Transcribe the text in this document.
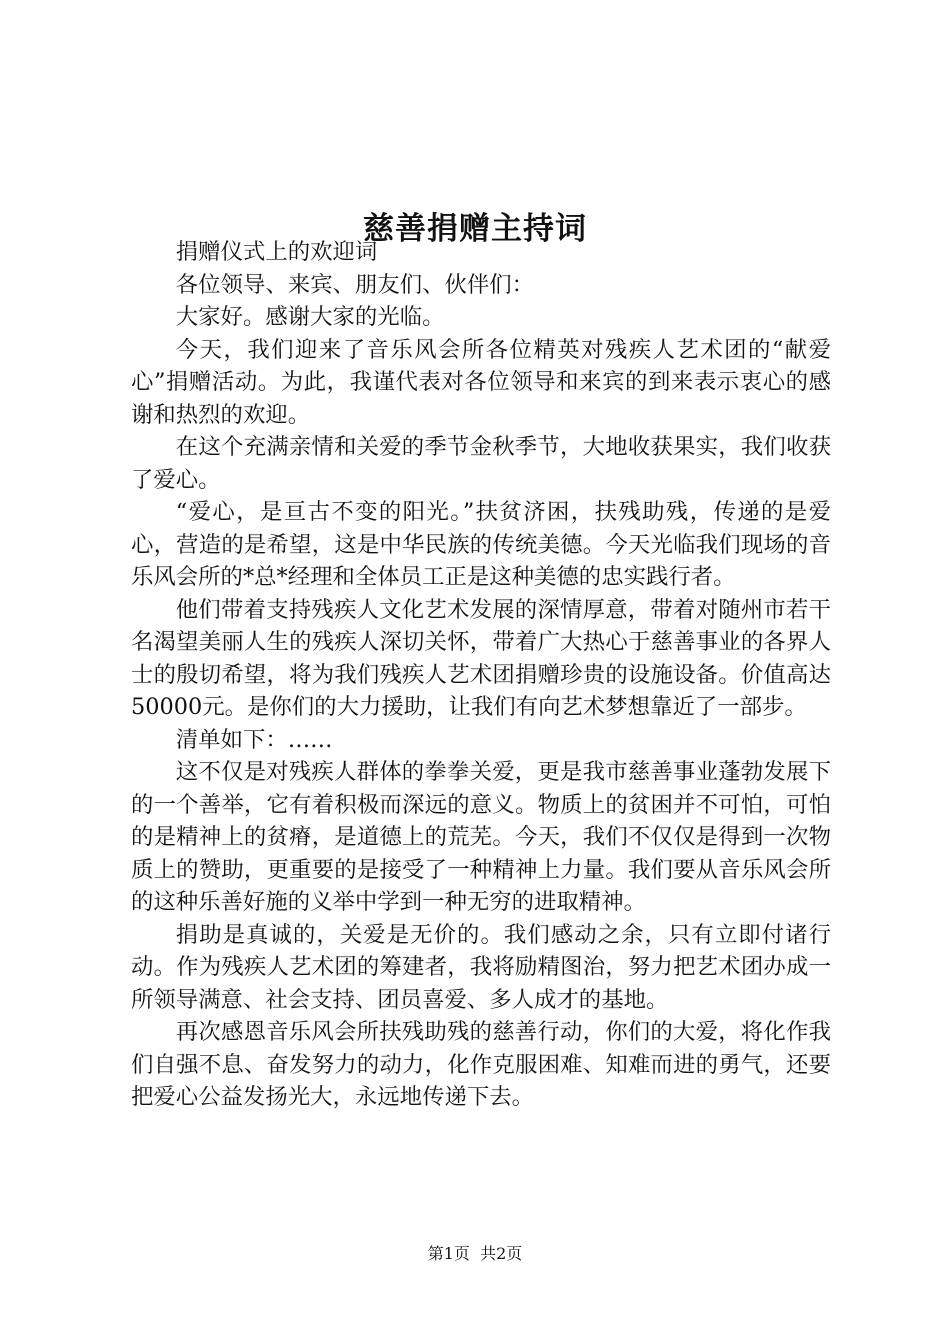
慈善捐赠主持词

捐赠仪式上的欢迎词

各位领导、来宾、朋友们、伙伴们：

大家好。感谢大家的光临。

今天，我们迎来了音乐风会所各位精英对残疾人艺术团的“献爱心”捐赠活动。为此，我谨代表对各位领导和来宾的到来表示衷心的感谢和热烈的欢迎。

在这个充满亲情和关爱的季节金秋季节，大地收获果实，我们收获了爱心。

“爱心，是亘古不变的阳光。”扶贫济困，扶残助残，传递的是爱心，营造的是希望，这是中华民族的传统美德。今天光临我们现场的音乐风会所的*总*经理和全体员工正是这种美德的忠实践行者。

他们带着支持残疾人文化艺术发展的深情厚意，带着对随州市若干名渴望美丽人生的残疾人深切关怀，带着广大热心于慈善事业的各界人士的殷切希望，将为我们残疾人艺术团捐赠珍贵的设施设备。价值高达50000元。是你们的大力援助，让我们有向艺术梦想靠近了一部步。

清单如下：……

这不仅是对残疾人群体的拳拳关爱，更是我市慈善事业蓬勃发展下的一个善举，它有着积极而深远的意义。物质上的贫困并不可怕，可怕的是精神上的贫瘠，是道德上的荒芜。今天，我们不仅仅是得到一次物质上的赞助，更重要的是接受了一种精神上力量。我们要从音乐风会所的这种乐善好施的义举中学到一种无穷的进取精神。

捐助是真诚的，关爱是无价的。我们感动之余，只有立即付诸行动。作为残疾人艺术团的筹建者，我将励精图治，努力把艺术团办成一所领导满意、社会支持、团员喜爱、多人成才的基地。

再次感恩音乐风会所扶残助残的慈善行动，你们的大爱，将化作我们自强不息、奋发努力的动力，化作克服困难、知难而进的勇气，还要把爱心公益发扬光大，永远地传递下去。

第1页 共2页
